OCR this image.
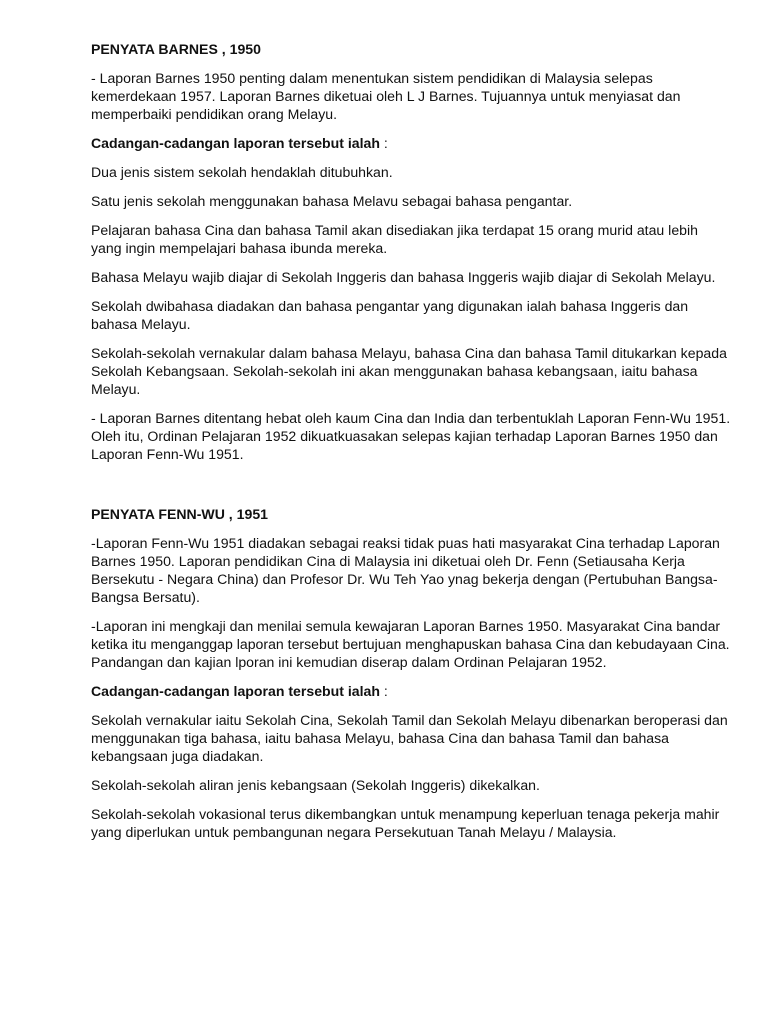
PENYATA BARNES , 1950
- Laporan Barnes 1950 penting dalam menentukan sistem pendidikan di Malaysia selepas kemerdekaan 1957. Laporan Barnes diketuai oleh L J Barnes. Tujuannya untuk menyiasat dan memperbaiki pendidikan orang Melayu.
Cadangan-cadangan laporan tersebut ialah :
Dua jenis sistem sekolah hendaklah ditubuhkan.
Satu jenis sekolah menggunakan bahasa Melavu sebagai bahasa pengantar.
Pelajaran bahasa Cina dan bahasa Tamil akan disediakan jika terdapat 15 orang murid atau lebih yang ingin mempelajari bahasa ibunda mereka.
Bahasa Melayu wajib diajar di Sekolah Inggeris dan bahasa Inggeris wajib diajar di Sekolah Melayu.
Sekolah dwibahasa diadakan dan bahasa pengantar yang digunakan ialah bahasa Inggeris dan bahasa Melayu.
Sekolah-sekolah vernakular dalam bahasa Melayu, bahasa Cina dan bahasa Tamil ditukarkan kepada Sekolah Kebangsaan. Sekolah-sekolah ini akan menggunakan bahasa kebangsaan, iaitu bahasa Melayu.
- Laporan Barnes ditentang hebat oleh kaum Cina dan India dan terbentuklah Laporan Fenn-Wu 1951. Oleh itu, Ordinan Pelajaran 1952 dikuatkuasakan selepas kajian terhadap Laporan Barnes 1950 dan Laporan Fenn-Wu 1951.
PENYATA FENN-WU , 1951
-Laporan Fenn-Wu 1951 diadakan sebagai reaksi tidak puas hati masyarakat Cina terhadap Laporan Barnes 1950. Laporan pendidikan Cina di Malaysia ini diketuai oleh Dr. Fenn (Setiausaha Kerja Bersekutu - Negara China) dan Profesor Dr. Wu Teh Yao ynag bekerja dengan (Pertubuhan Bangsa-Bangsa Bersatu).
-Laporan ini mengkaji dan menilai semula kewajaran Laporan Barnes 1950. Masyarakat Cina bandar ketika itu menganggap laporan tersebut bertujuan menghapuskan bahasa Cina dan kebudayaan Cina. Pandangan dan kajian lporan ini kemudian diserap dalam Ordinan Pelajaran 1952.
Cadangan-cadangan laporan tersebut ialah :
Sekolah vernakular iaitu Sekolah Cina, Sekolah Tamil dan Sekolah Melayu dibenarkan beroperasi dan menggunakan tiga bahasa, iaitu bahasa Melayu, bahasa Cina dan bahasa Tamil dan bahasa kebangsaan juga diadakan.
Sekolah-sekolah aliran jenis kebangsaan (Sekolah Inggeris) dikekalkan.
Sekolah-sekolah vokasional terus dikembangkan untuk menampung keperluan tenaga pekerja mahir yang diperlukan untuk pembangunan negara Persekutuan Tanah Melayu / Malaysia.
